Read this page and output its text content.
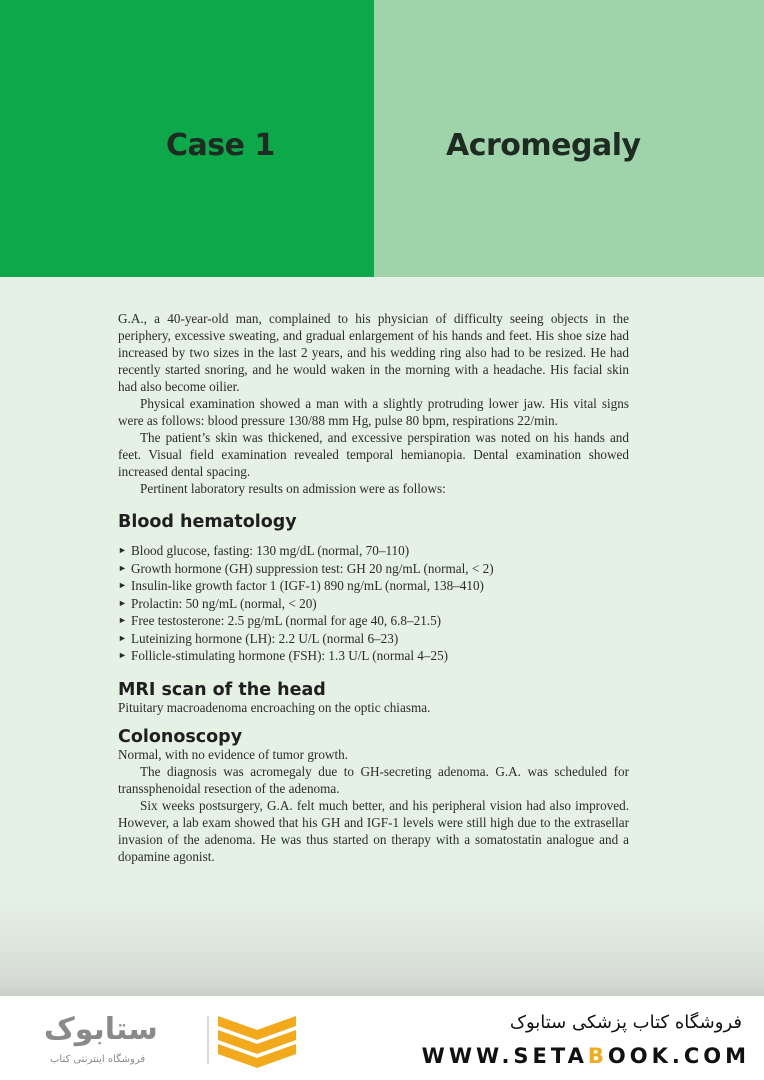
Case 1	Acromegaly

G.A., a 40-year-old man, complained to his physician of difficulty seeing objects in the periphery, excessive sweating, and gradual enlargement of his hands and feet. His shoe size had increased by two sizes in the last 2 years, and his wedding ring also had to be resized. He had recently started snoring, and he would waken in the morning with a headache. His facial skin had also become oilier.

Physical examination showed a man with a slightly protruding lower jaw. His vital signs were as follows: blood pressure 130/88 mm Hg, pulse 80 bpm, respirations 22/min.

The patient’s skin was thickened, and excessive perspiration was noted on his hands and feet. Visual field examination revealed temporal hemianopia. Dental examination showed increased dental spacing.

Pertinent laboratory results on admission were as follows:

Blood hematology
► Blood glucose, fasting: 130 mg/dL (normal, 70–110)
► Growth hormone (GH) suppression test: GH 20 ng/mL (normal, < 2)
► Insulin-like growth factor 1 (IGF-1) 890 ng/mL (normal, 138–410)
► Prolactin: 50 ng/mL (normal, < 20)
► Free testosterone: 2.5 pg/mL (normal for age 40, 6.8–21.5)
► Luteinizing hormone (LH): 2.2 U/L (normal 6–23)
► Follicle-stimulating hormone (FSH): 1.3 U/L (normal 4–25)
MRI scan of the head

Pituitary macroadenoma encroaching on the optic chiasma.

Colonoscopy

Normal, with no evidence of tumor growth.

The diagnosis was acromegaly due to GH-secreting adenoma. G.A. was scheduled for transsphenoidal resection of the adenoma.

Six weeks postsurgery, G.A. felt much better, and his peripheral vision had also improved. However, a lab exam showed that his GH and IGF-1 levels were still high due to the extrasellar invasion of the adenoma. He was thus started on therapy with a somatostatin analogue and a dopamine agonist.

ستابوک
فروشگاه اینترنتی کتاب
فروشگاه کتاب پزشکی ستابوک
WWW.SETABOOK.COM
